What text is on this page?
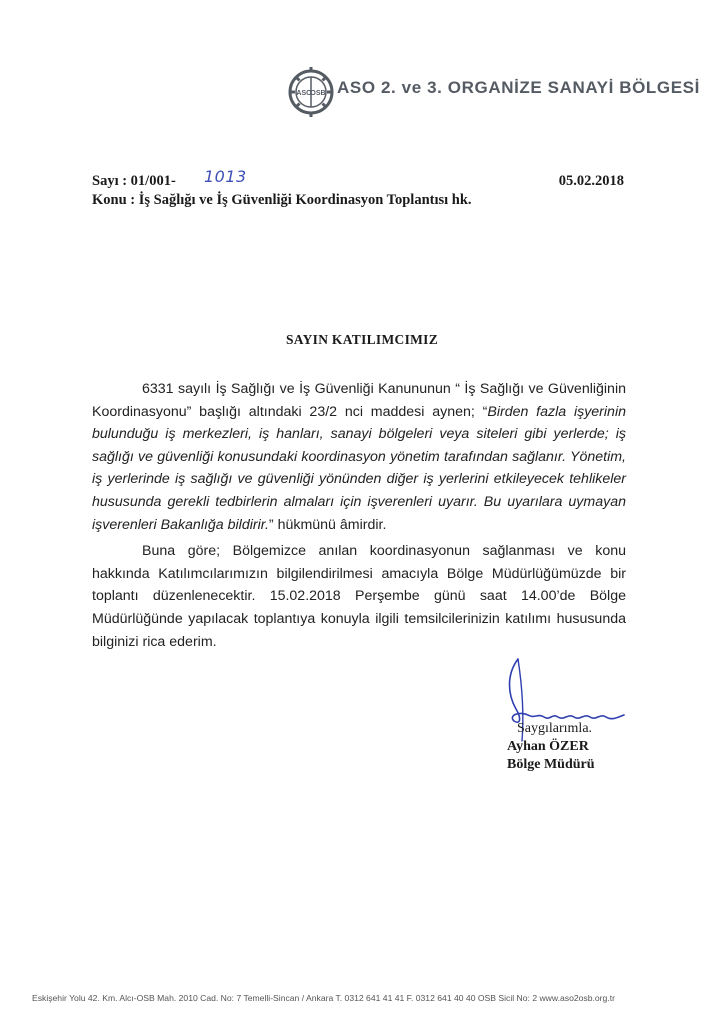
ASO
OSB ASO 2. ve 3. ORGANİZE SANAYİ BÖLGESİ
Sayı : 01/001- 1013	05.02.2018
Konu : İş Sağlığı ve İş Güvenliği Koordinasyon Toplantısı hk.
SAYIN KATILIMCIMIZ

6331 sayılı İş Sağlığı ve İş Güvenliği Kanununun “ İş Sağlığı ve Güvenliğinin Koordinasyonu” başlığı altındaki 23/2 nci maddesi aynen; “Birden fazla işyerinin bulunduğu iş merkezleri, iş hanları, sanayi bölgeleri veya siteleri gibi yerlerde; iş sağlığı ve güvenliği konusundaki koordinasyon yönetim tarafından sağlanır. Yönetim, iş yerlerinde iş sağlığı ve güvenliği yönünden diğer iş yerlerini etkileyecek tehlikeler hususunda gerekli tedbirlerin almaları için işverenleri uyarır. Bu uyarılara uymayan işverenleri Bakanlığa bildirir.” hükmünü âmirdir.

Buna göre; Bölgemizce anılan koordinasyonun sağlanması ve konu hakkında Katılımcılarımızın bilgilendirilmesi amacıyla Bölge Müdürlüğümüzde bir toplantı düzenlenecektir. 15.02.2018 Perşembe günü saat 14.00’de Bölge Müdürlüğünde yapılacak toplantıya konuyla ilgili temsilcilerinizin katılımı hususunda bilginizi rica ederim.

Saygılarımla.
Ayhan ÖZER
Bölge Müdürü
Eskişehir Yolu 42. Km. Alcı-OSB Mah. 2010 Cad. No: 7 Temelli-Sincan / Ankara T. 0312 641 41 41 F. 0312 641 40 40 OSB Sicil No: 2 www.aso2osb.org.tr
